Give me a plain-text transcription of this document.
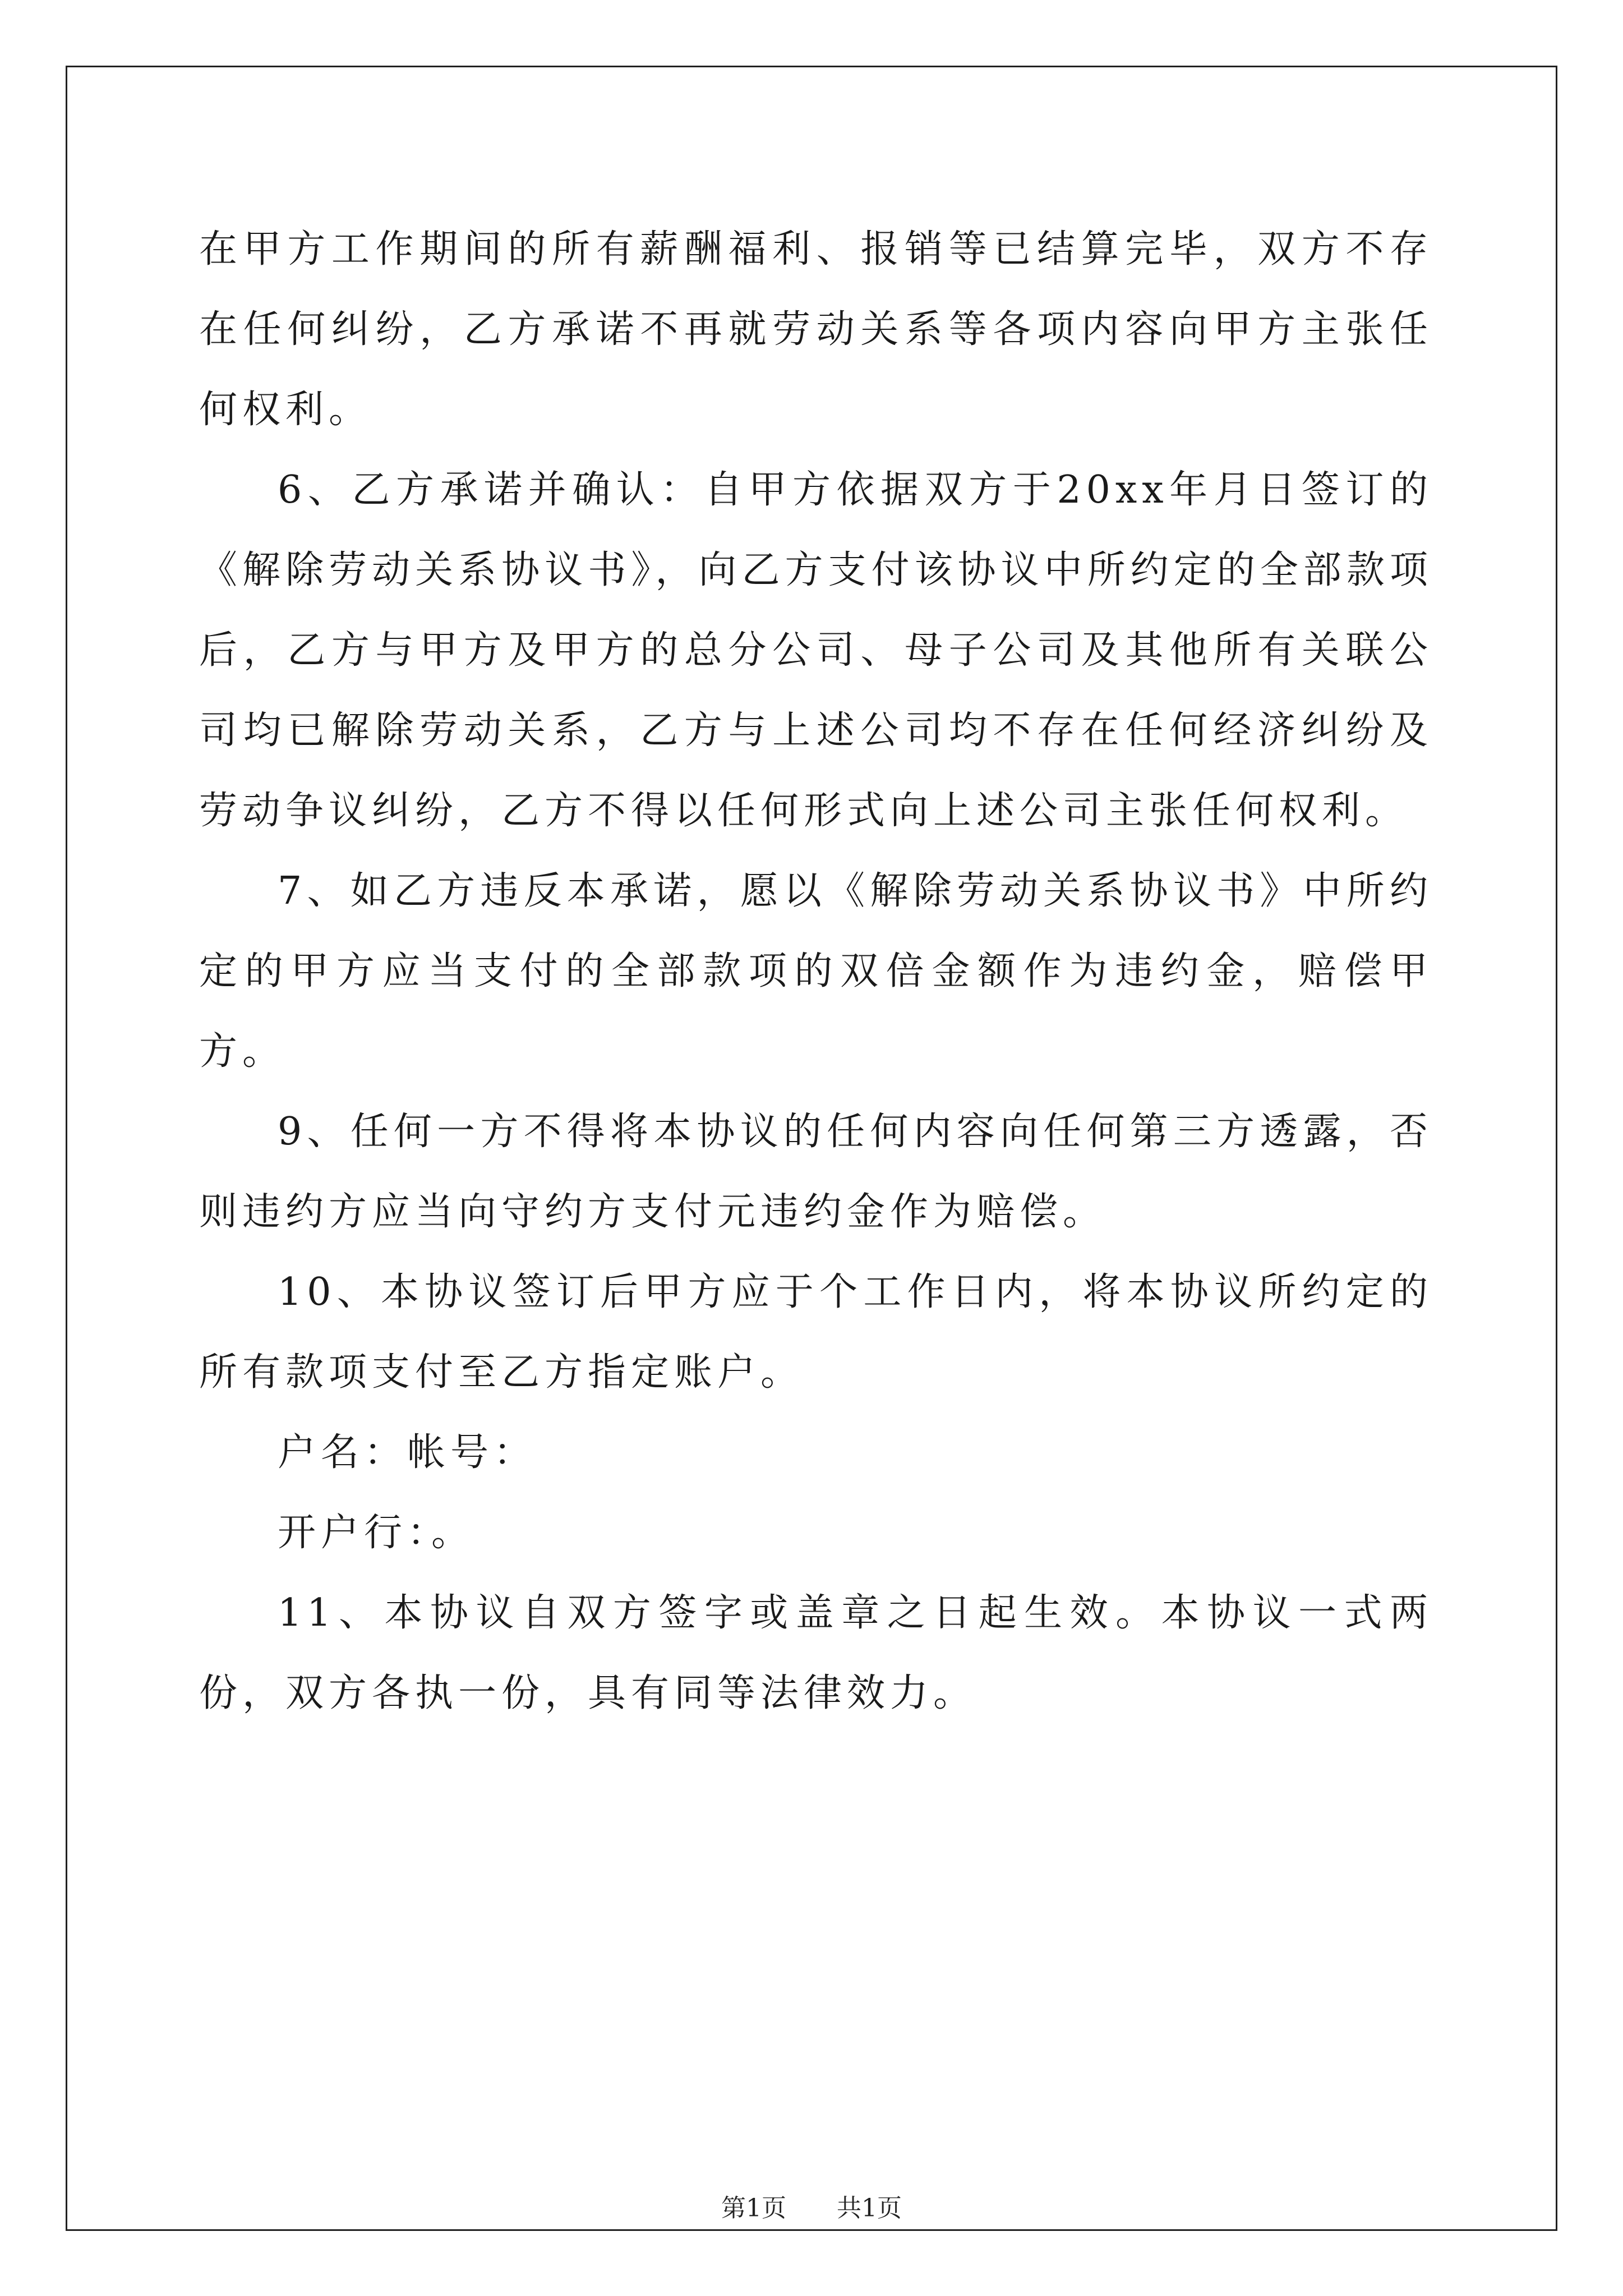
在甲方工作期间的所有薪酬福利、报销等已结算完毕，双方不存在任何纠纷，乙方承诺不再就劳动关系等各项内容向甲方主张任何权利。

6、乙方承诺并确认：自甲方依据双方于20xx年月日签订的《解除劳动关系协议书》，向乙方支付该协议中所约定的全部款项后，乙方与甲方及甲方的总分公司、母子公司及其他所有关联公司均已解除劳动关系，乙方与上述公司均不存在任何经济纠纷及劳动争议纠纷，乙方不得以任何形式向上述公司主张任何权利。

7、如乙方违反本承诺，愿以《解除劳动关系协议书》中所约定的甲方应当支付的全部款项的双倍金额作为违约金，赔偿甲方。

9、任何一方不得将本协议的任何内容向任何第三方透露，否则违约方应当向守约方支付元违约金作为赔偿。

10、本协议签订后甲方应于个工作日内，将本协议所约定的所有款项支付至乙方指定账户。

户名：帐号：

开户行：。

11、本协议自双方签字或盖章之日起生效。本协议一式两份，双方各执一份，具有同等法律效力。

第1页   共1页
